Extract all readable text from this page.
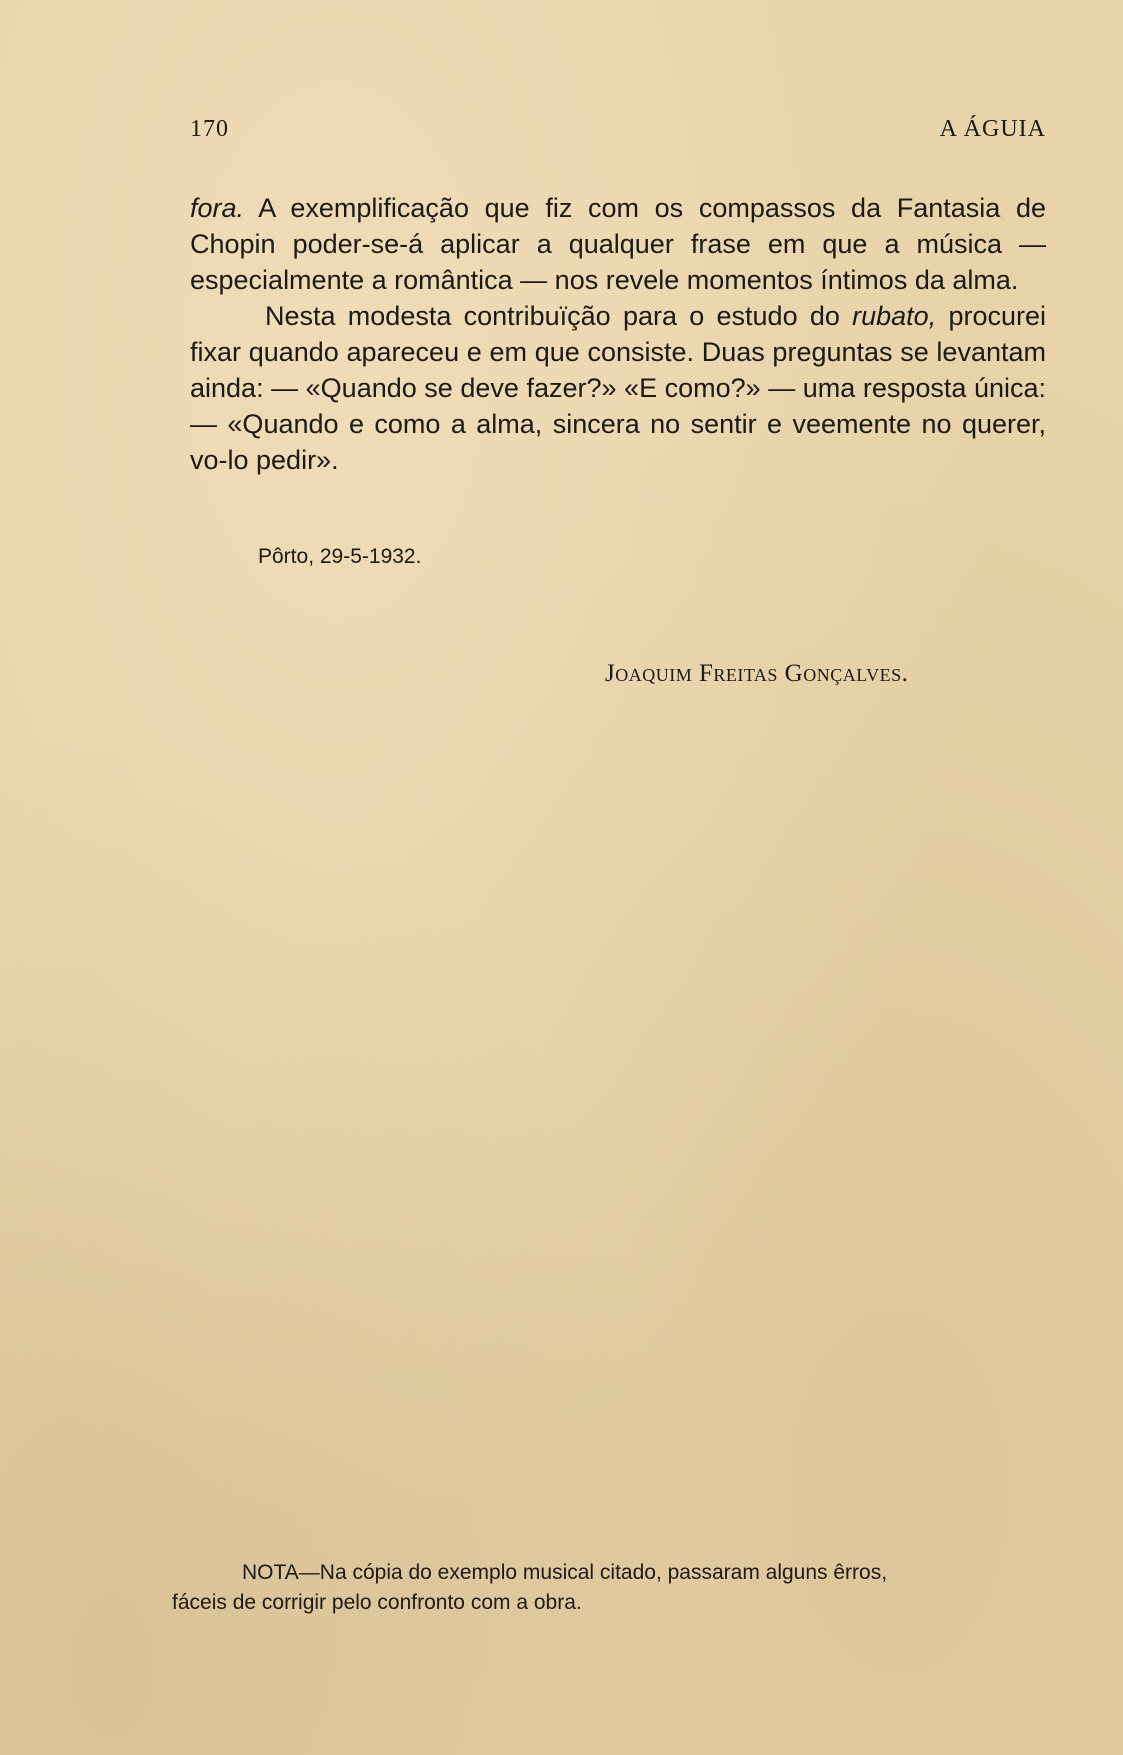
170	A ÁGUIA

fora. A exemplificação que fiz com os compassos da Fantasia de Chopin poder-se-á aplicar a qualquer frase em que a música — especialmente a romântica — nos revele momentos íntimos da alma.

Nesta modesta contribuïção para o estudo do rubato, procurei fixar quando apareceu e em que consiste. Duas preguntas se levantam ainda: — «Quando se deve fazer?» «E como?» — uma resposta única: — «Quando e como a alma, sincera no sentir e veemente no querer, vo-lo pedir».

Pôrto, 29-5-1932.
Joaquim Freitas Gonçalves.
NOTA—Na cópia do exemplo musical citado, passaram alguns êrros,
fáceis de corrigir pelo confronto com a obra.
